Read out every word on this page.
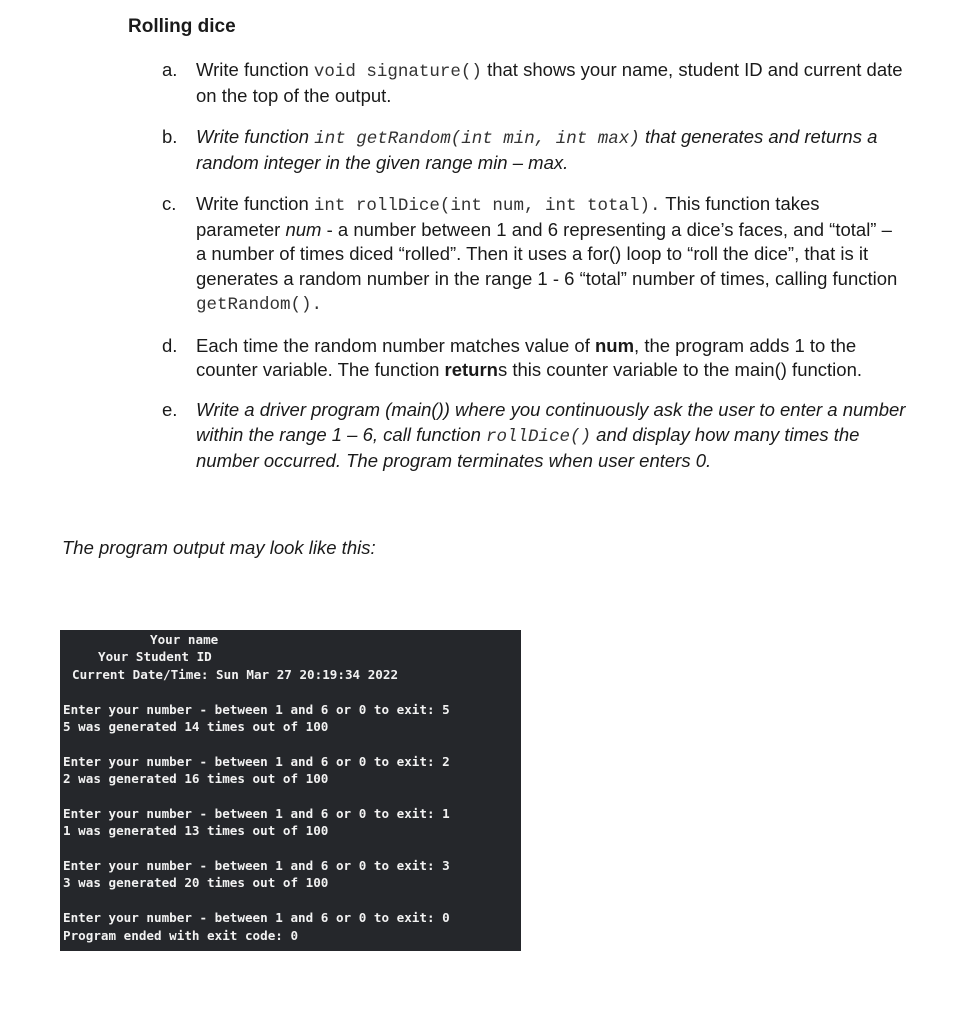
Rolling dice
a. Write function void signature() that shows your name, student ID and current date on the top of the output.
b. Write function int getRandom(int min, int max) that generates and returns a random integer in the given range min – max.
c. Write function int rollDice(int num, int total). This function takes parameter num - a number between 1 and 6 representing a dice’s faces, and “total” – a number of times diced “rolled”. Then it uses a for() loop to “roll the dice”, that is it generates a random number in the range 1 - 6 “total” number of times, calling function getRandom().
d. Each time the random number matches value of num, the program adds 1 to the counter variable. The function returns this counter variable to the main() function.
e. Write a driver program (main()) where you continuously ask the user to enter a number within the range 1 – 6, call function rollDice() and display how many times the number occurred. The program terminates when user enters 0.

The program output may look like this:

Your name
Your Student ID
Current Date/Time: Sun Mar 27 20:19:34 2022
Enter your number - between 1 and 6 or 0 to exit: 5
5 was generated 14 times out of 100
Enter your number - between 1 and 6 or 0 to exit: 2
2 was generated 16 times out of 100
Enter your number - between 1 and 6 or 0 to exit: 1
1 was generated 13 times out of 100
Enter your number - between 1 and 6 or 0 to exit: 3
3 was generated 20 times out of 100
Enter your number - between 1 and 6 or 0 to exit: 0
Program ended with exit code: 0
